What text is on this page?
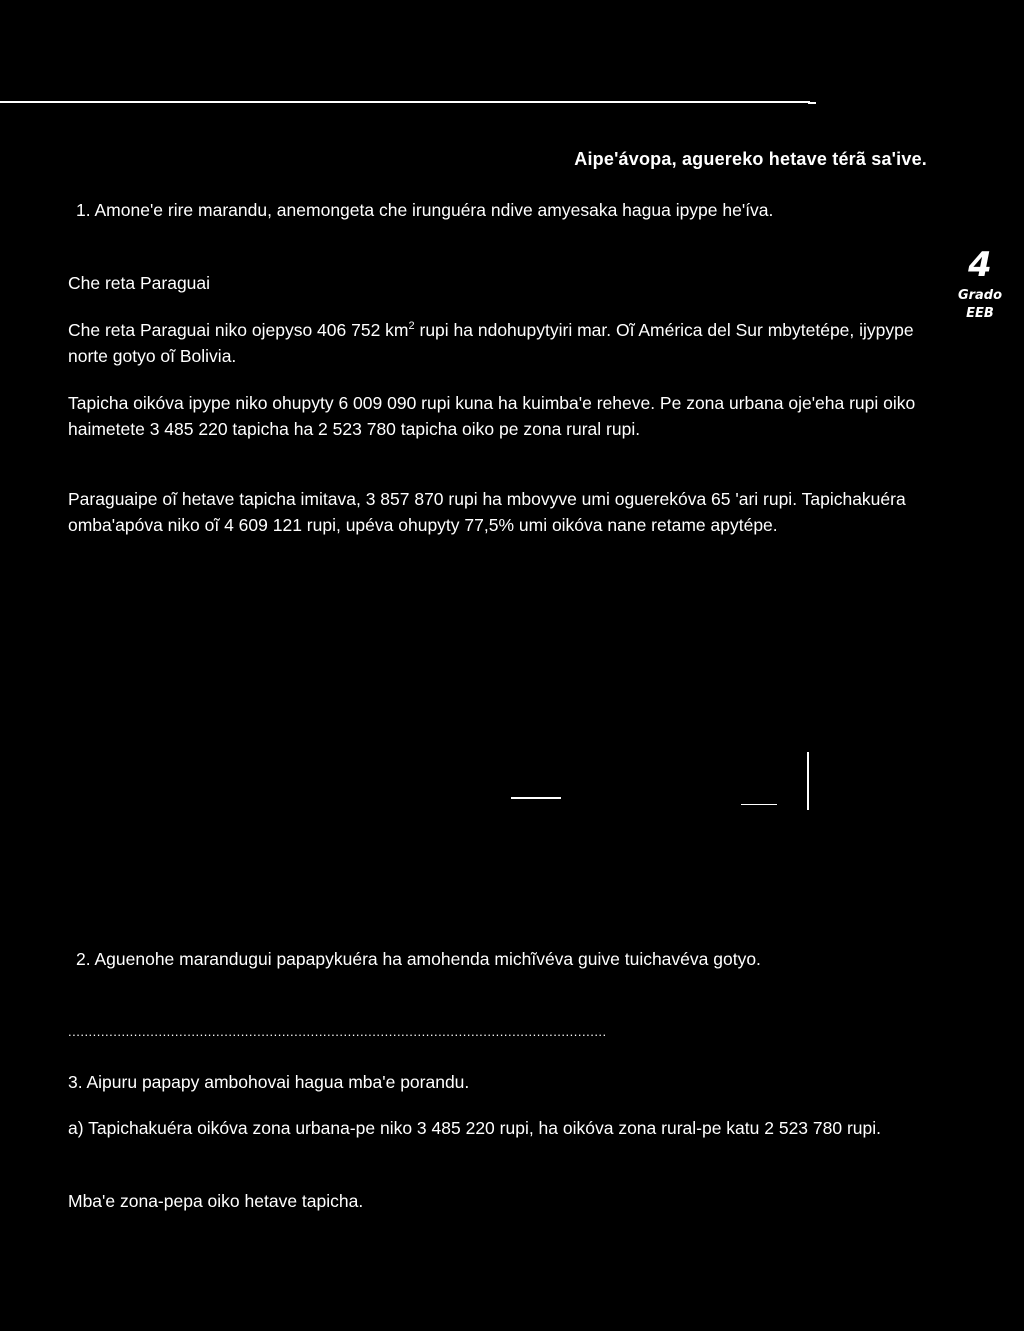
Aipe'ávopa, aguereko hetave térã sa'ive.
4
Grado
EEB

1. Amone'e rire marandu, anemongeta che irunguéra ndive amyesaka hagua ipype he'íva.

Che reta Paraguai

Che reta Paraguai niko ojepyso 406 752 $km^2$ rupi ha ndohupytyiri mar. Oĩ América del Sur mbytetépe, ijypype norte gotyo oĩ Bolivia.

Tapicha oikóva ipype niko ohupyty 6 009 090 rupi kuna ha kuimba'e reheve. Pe zona urbana oje'eha rupi oiko haimetete 3 485 220 tapicha ha 2 523 780 tapicha oiko pe zona rural rupi.

Paraguaipe oĩ hetave tapicha imitava, 3 857 870 rupi ha mbovyve umi oguerekóva 65 'ari rupi. Tapichakuéra omba'apóva niko oĩ 4 609 121 rupi, upéva ohupyty 77,5% umi oikóva nane retame apytépe.

2. Aguenohe marandugui papapykuéra ha amohenda michĩvéva guive tuichavéva gotyo.

...................................................................................................................................

3. Aipuru papapy ambohovai hagua mba'e porandu.

a) Tapichakuéra oikóva zona urbana-pe niko 3 485 220 rupi, ha oikóva zona rural-pe katu 2 523 780 rupi.

Mba'e zona-pepa oiko hetave tapicha.
